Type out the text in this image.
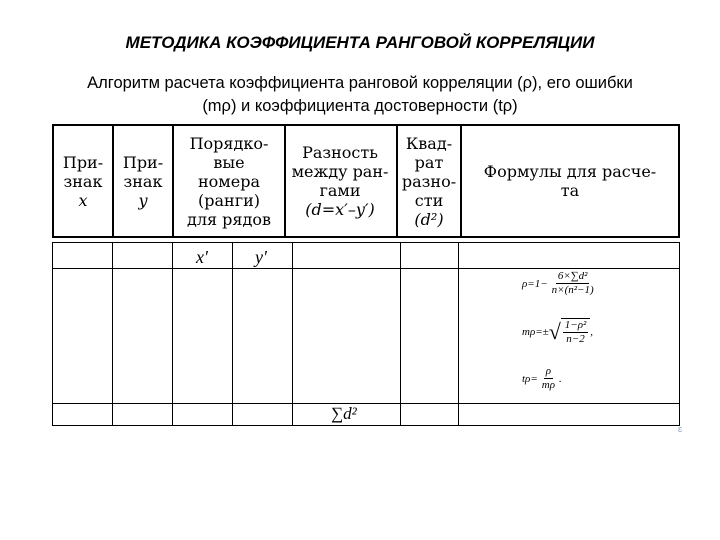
МЕТОДИКА КОЭФФИЦИЕНТА РАНГОВОЙ КОРРЕЛЯЦИИ
Алгоритм расчета коэффициента ранговой корреляции (ρ), его ошибки
(mρ) и коэффициента достоверности (tρ)
При-
знак
x
При-
знак
y
Порядко-
вые
номера
(ранги)
для рядов
Разность
между ран-
гами
(d=x′–y′)
Квад-
рат
разно-
сти
(d²)
Формулы для расче-
та
x′	y′
$\rho=1- \frac{\text{6×∑d²}}{\text{n×(n²−1)}}$
mρ=± √ $\frac{\text{1−ρ²}}{n-2}$ ,
$t\rho= \frac{\rho}{m\rho}$ .
∑d²
ɛ
